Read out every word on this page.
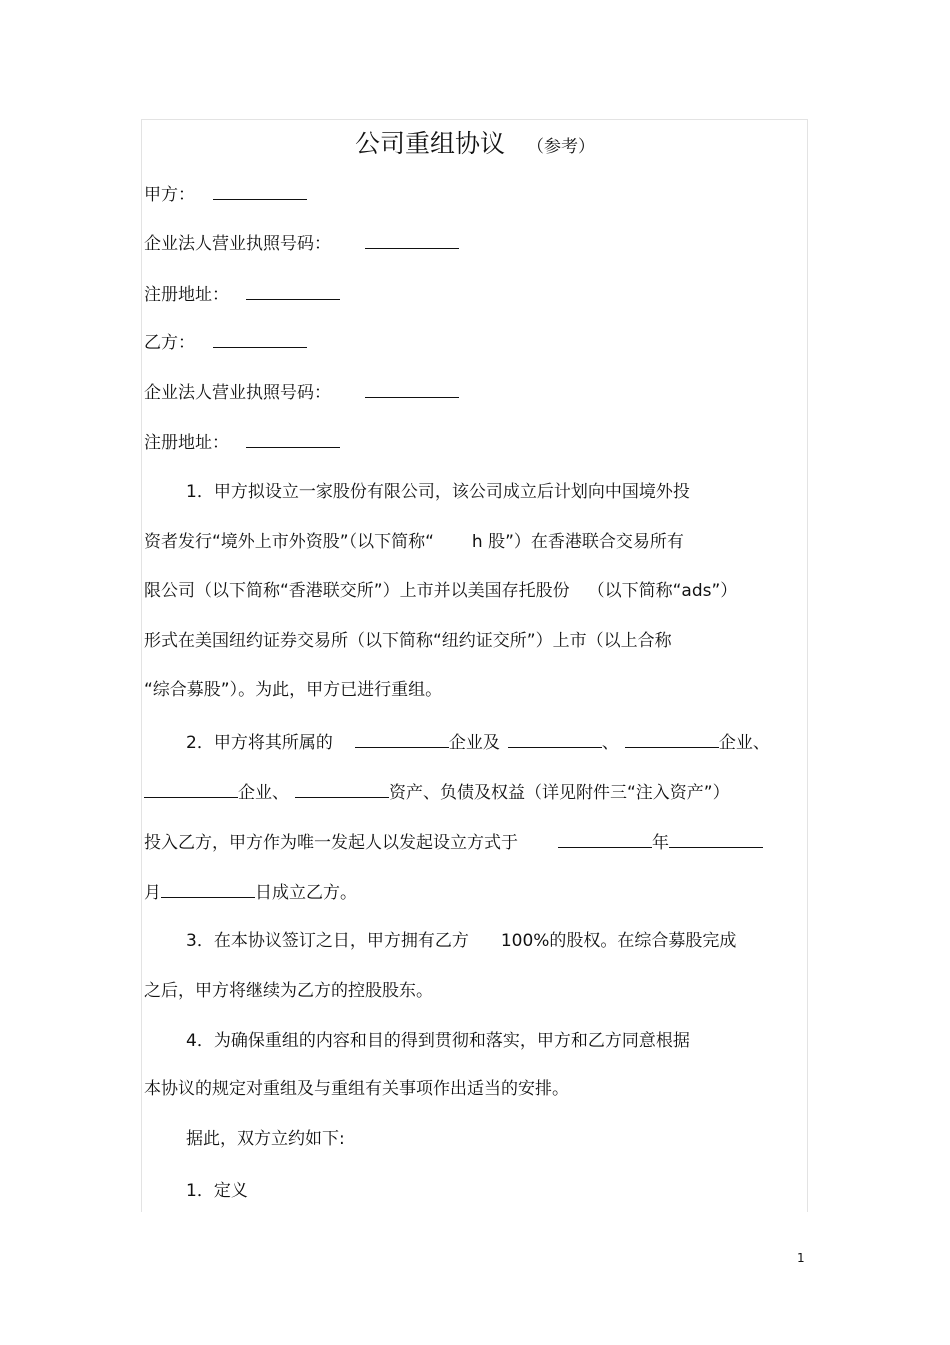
公司重组协议 （参考）
甲方：
企业法人营业执照号码：
注册地址：
乙方：
企业法人营业执照号码：
注册地址：
1．甲方拟设立一家股份有限公司，该公司成立后计划向中国境外投
资者发行“境外上市外资股”（以下简称“ h 股”）在香港联合交易所有
限公司（以下简称“香港联交所”）上市并以美国存托股份 （以下简称“ads”）
形式在美国纽约证券交易所（以下简称“纽约证交所”）上市（以上合称
“综合募股”）。为此，甲方已进行重组。
2．甲方将其所属的	企业及	、	企业、
企业、	资产、负债及权益（详见附件三“注入资产”）
投入乙方，甲方作为唯一发起人以发起设立方式于	年
月	日成立乙方。
3．在本协议签订之日，甲方拥有乙方 100%的股权。在综合募股完成
之后，甲方将继续为乙方的控股股东。
4．为确保重组的内容和目的得到贯彻和落实，甲方和乙方同意根据
本协议的规定对重组及与重组有关事项作出适当的安排。
据此，双方立约如下:
1．定义
1
